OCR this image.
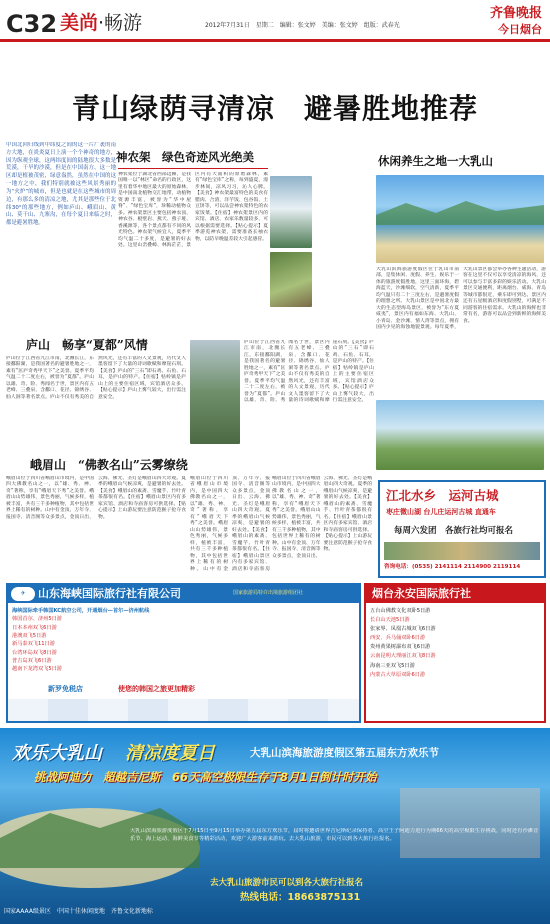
C32 美尚·畅游	2012年7月31日　星期二　编辑：张文婷　美编：张文婷　组版：武春光
齐鲁晚报
今日烟台
青山绿荫寻清凉　避暑胜地推荐
中国北回归线到中纬度之间的这一片广袤的南方大地，在炎炎夏日上演一个个神奇的地方，因为纵观全球，这两纬度间的陆地很大多数是荒漠，干旱的沙漠，但是在中国南方，这一地区却是植被茂密，绿意盎然，虽然在中国的这一地方之中，我们特别就被这些风景秀丽的为“火炉”的城市，但是也就是在这些城市的周边，有那么多的清凉之地，尤其是那些位于北纬30°的那些地方，例如庐山、峨眉山、黄山、莫干山、九寨沟，在每个夏日来临之时，都是避暑胜地。
神农架　绿色奇迹风光绝美
神农架位于湖北省西部边陲，是我国唯一以“林区”命名的行政区，这里有着华中地区最大的原始森林，是中国南北植物交汇地带，动植物资源丰富，被誉为“华中屋脊”、“绿色宝库”，珍稀动植物众多。神农架景区主要包括神农顶、神农谷、板壁岩、燕天、燕子垭、香溪源等，各个景点都有不同的风光特色。神农架气候宜人，夏季平均气温二十多度，是避暑的好去处。这里山峦叠嶂、林海茫茫，景区内有大面积的原始森林，素有“绿色宝库”之称，每到盛夏，漫步林间，凉风习习，沁人心脾。【美食】神农架最富特色的美食有腊肉、合渣、洋芋饭、包谷饭、土豆饼等，可以品尝神农架特色的农家饭菜。【住宿】神农架景区内的宾馆、酒店、农家乐数量较多，可以根据需要选择。【贴心提示】夏季游览神农架，需要准备长袖衣物，以防早晚温差较大引起感冒。
休闲养生之地一大乳山
大乳山滨海旅游度假区位于乳山市南部，是集休闲、度假、养生、娱乐于一体的旅游度假胜地，这里三面环海，碧海蓝天，沙滩细软，空气清新，夏季平均气温只有二十三度左右，是避暑度假的理想之所。大乳山景区是中国北方最大的生态型海岛景区，被誉为“东方夏威夷”，景区内有福如东海、大乳山、小青岛、金沙滩、情人湾等景点，拥有国内少见的海蚀地貌景观。每年夏季，大乳山景区都会举办各种主题活动，游客在这里不仅可以享受清凉的海风，还可以参与丰富多彩的娱乐活动。大乳山景区交通便利，距离烟台、威海、青岛等城市都很近，乘车即可到达。景区内还有五星级酒店和度假别墅，可满足不同游客的住宿需求。大乳山的海鲜也非常有名，游客可以品尝到新鲜的海鲜美食。
庐山　畅享“夏都”风情
庐山位于江西省九江市南，北濒长江，东接鄱阳湖，是我国著名的避暑胜地之一，素有“匡庐奇秀甲天下”之美誉。夏季平均气温二十二度左右，被誉为“夏都”。庐山以雄、奇、险、秀闻名于世，景区内有五老峰、三叠泉、含鄱口、花径、锦绣谷、仙人洞等著名景点。庐山不仅有秀美的自然风光，还有丰富的人文景观，历代文人墨客留下了大量的诗词歌赋和摩崖石刻。【美食】庐山的“三石”即石鸡、石鱼、石耳，是庐山的特产。【住宿】牯岭镇是庐山上的主要住宿区域，宾馆酒店众多。【贴心提示】庐山上雾气较大，出行需注意安全。
庐山位于江西省九江市南，北濒长江，东接鄱阳湖，是我国著名的避暑胜地之一，素有“匡庐奇秀甲天下”之美誉。夏季平均气温二十二度左右，被誉为“夏都”。庐山以雄、奇、险、秀闻名于世，景区内有五老峰、三叠泉、含鄱口、花径、锦绣谷、仙人洞等著名景点。庐山不仅有秀美的自然风光，还有丰富的人文景观，历代文人墨客留下了大量的诗词歌赋和摩崖石刻。【美食】庐山的“三石”即石鸡、石鱼、石耳，是庐山的特产。【住宿】牯岭镇是庐山上的主要住宿区域，宾馆酒店众多。【贴心提示】庐山上雾气较大，出行需注意安全。
峨眉山　“佛教名山”云雾缭绕
峨眉山位于四川省峨眉山市境内，是中国四大佛教名山之一，以“雄、秀、神、奇”著称，享有“峨眉天下秀”之美誉。峨眉山山势雄伟，景色秀丽，气候多样，植被丰富，共有三千多种植物，其中包括世界上稀有的树种。山中有金顶、万年寺、报国寺、清音阁等众多景点，金顶日出、云海、佛光、圣灯是峨眉山四大奇观。夏季的峨眉山气候凉爽，是避暑的好去处。【美食】峨眉山的素斋、雪魔芋、竹叶青茶都很有名。【住宿】峨眉山景区内有多家宾馆、酒店和寺庙客房可供选择。【贴心提示】上山游玩要注意防范猴子抢夺食物。
峨眉山位于四川省峨眉山市境内，是中国四大佛教名山之一，以“雄、秀、神、奇”著称，享有“峨眉天下秀”之美誉。峨眉山山势雄伟，景色秀丽，气候多样，植被丰富，共有三千多种植物，其中包括世界上稀有的树种。山中有金顶、万年寺、报国寺、清音阁等众多景点，金顶日出、云海、佛光、圣灯是峨眉山四大奇观。夏季的峨眉山气候凉爽，是避暑的好去处。【美食】峨眉山的素斋、雪魔芋、竹叶青茶都很有名。【住宿】峨眉山景区内有多家宾馆、酒店和寺庙客房
峨眉山位于四川省峨眉山市境内，是中国四大佛教名山之一，以“雄、秀、神、奇”著称，享有“峨眉天下秀”之美誉。峨眉山山势雄伟，景色秀丽，气候多样，植被丰富，共有三千多种植物，其中包括世界上稀有的树种。山中有金顶、万年寺、报国寺、清音阁等众多景点，金顶日出、云海、佛光、圣灯是峨眉山四大奇观。夏季的峨眉山气候凉爽，是避暑的好去处。【美食】峨眉山的素斋、雪魔芋、竹叶青茶都很有名。【住宿】峨眉山景区内有多家宾馆、酒店和寺庙客房可供选择。【贴心提示】上山游玩要注意防范猴子抢夺食物。
江北水乡　运河古城
枣庄微山湖 台儿庄运河古城 直通车
每周六发团　各旅行社均可报名
咨询电话：(0535) 2141114 2114900 2119114
✈	山东海峡国际旅行社有限公司	国家旅游局特许出境旅游组团社
海峡国际牵手韩国KC航空公司，开通烟台—首尔—济州航线
韩国首尔、济州5日游
日本本州双飞6日游
港澳双飞5日游
新马泰双飞11日游
台湾环岛双飞8日游
普吉岛双飞6日游
越南下龙湾双飞5日游
新罗免税店	使您的韩国之旅更加精彩
烟台永安国际旅行社
五台山佛教文化双卧5日游
长白山天池5日游
张家界、凤凰古城双飞6日游
西安、兵马俑双卧6日游
贵州黄果树瀑布双飞6日游
云南昆明大理丽江双飞8日游
海南三亚双飞5日游
内蒙古大草原双卧6日游
欢乐大乳山 清凉度夏日	大乳山滨海旅游度假区第五届东方欢乐节
挑战阿迪力　超越吉尼斯　66天高空极限生存于8月1日倒计时开始
大乳山滨海旅游度假区于7月15日至9月15日举办第五届东方欢乐节，届时将邀请世界吉尼斯纪录保持者、高空王子阿迪力进行为期66天的高空极限生存挑战，同时还有沙滩音乐节、海上运动、海鲜美食节等精彩活动，欢迎广大游客前来游玩。去大乳山旅游，市民可以到各大旅行社报名。
去大乳山旅游市民可以到各大旅行社报名
热线电话：18663875131
国家AAAA级景区　中国十佳休闲度地　齐鲁文化新地标
